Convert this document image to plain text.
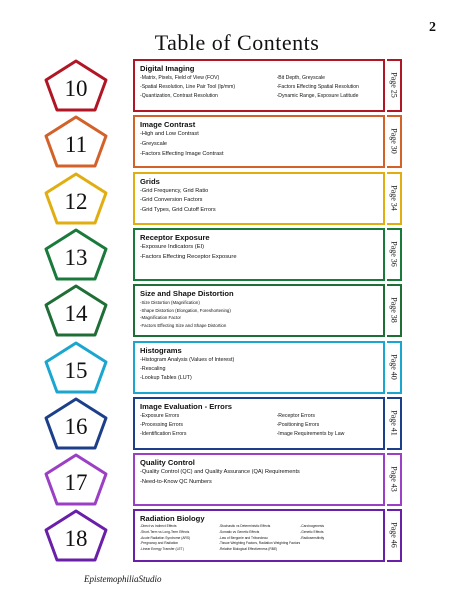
2
Table of Contents
10
Digital Imaging
-Matrix, Pixels, Field of View (FOV)
-Spatial Resolution, Line Pair Tool (lp/mm)
-Quantization, Contrast Resolution
-Bit Depth, Greyscale
-Factors Effecting Spatial Resolution
-Dynamic Range, Exposure Latitude	Page 25
11
Image Contrast
-High and Low Contrast
-Greyscale
-Factors Effecting Image Contrast	Page 30
12
Grids
-Grid Frequency, Grid Ratio
-Grid Conversion Factors
-Grid Types, Grid Cutoff Errors	Page 34
13
Receptor Exposure
-Exposure Indicators (EI)
-Factors Effecting Receptor Exposure	Page 36
14
Size and Shape Distortion
-Size Distortion (Magnification)
-Shape Distortion (Elongation, Foreshortening)
-Magnification Factor
-Factors Effecting Size and Shape Distortion
Page 38
15
Histograms
-Histogram Analysis (Values of Interest)
-Rescaling
-Lookup Tables (LUT)	Page 40
16
Image Evaluation - Errors
-Exposure Errors
-Processing Errors
-Identification Errors
-Receptor Errors
-Positioning Errors
-Image Requirements by Law	Page 41
17
Quality Control
-Quality Control (QC) and Quality Assurance (QA) Requirements
-Need-to-Know QC Numbers	Page 43
18
Radiation Biology
-Direct vs Indirect Effects
-Short-Term vs Long-Term Effects
-Acute Radiation Syndrome (ARS)
-Pregnancy and Radiation
-Linear Energy Transfer (LET)
-Stochastic vs Deterministic Effects
-Somatic vs Genetic Effects
-Law of Bergonie and Tribondeau
-Tissue Weighting Factors, Radiation Weighting Factors
-Relative Biological Effectiveness (RBE)
-Carcinogenesis
-Genetic Effects
-Radiosensitivity	Page 46
EpistemophiliaStudio
